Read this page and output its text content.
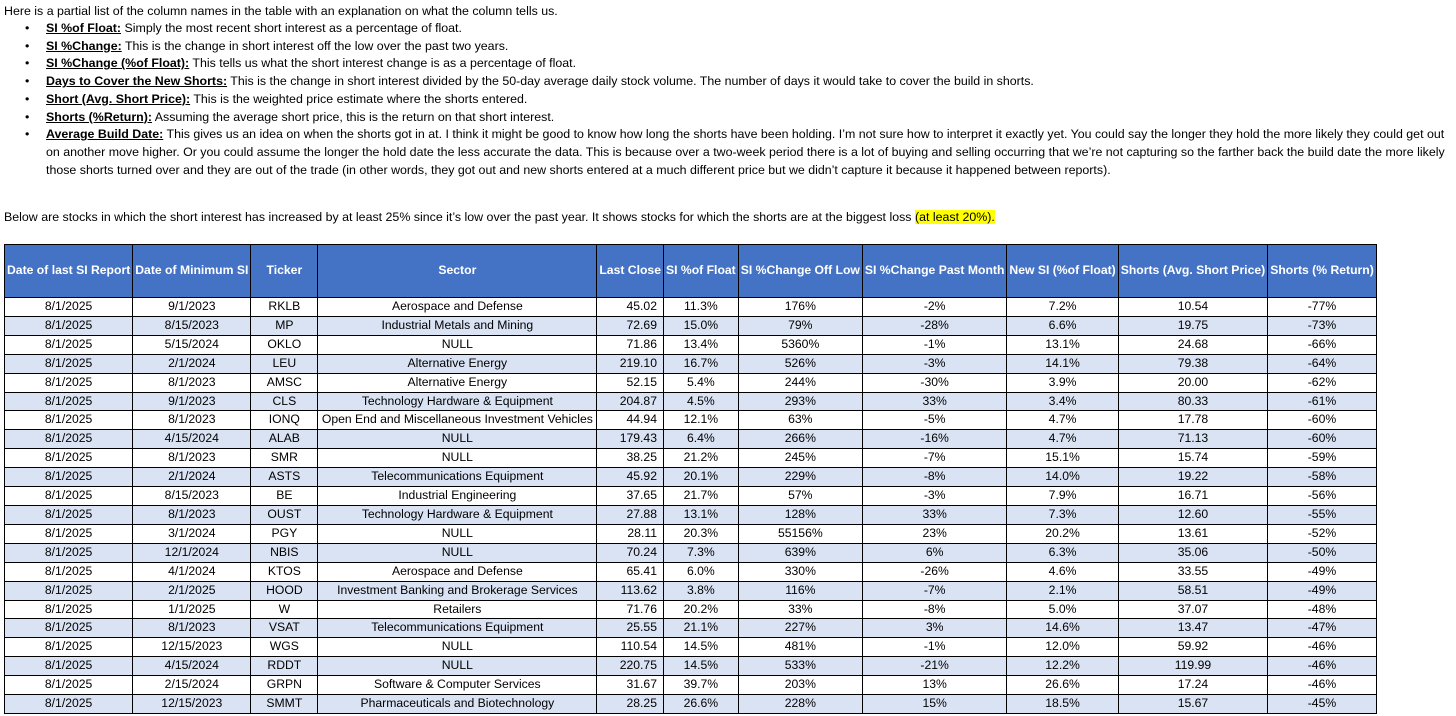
Here is a partial list of the column names in the table with an explanation on what the column tells us.
• SI %of Float: Simply the most recent short interest as a percentage of float.
• SI %Change: This is the change in short interest off the low over the past two years.
• SI %Change (%of Float): This tells us what the short interest change is as a percentage of float.
• Days to Cover the New Shorts: This is the change in short interest divided by the 50-day average daily stock volume. The number of days it would take to cover the build in shorts.
• Short (Avg. Short Price): This is the weighted price estimate where the shorts entered.
• Shorts (%Return): Assuming the average short price, this is the return on that short interest.
• Average Build Date: This gives us an idea on when the shorts got in at. I think it might be good to know how long the shorts have been holding. I’m not sure how to interpret it exactly yet. You could say the longer they hold the more likely they could get out on another move higher. Or you could assume the longer the hold date the less accurate the data. This is because over a two-week period there is a lot of buying and selling occurring that we’re not capturing so the farther back the build date the more likely those shorts turned over and they are out of the trade (in other words, they got out and new shorts entered at a much different price but we didn’t capture it because it happened between reports).
Below are stocks in which the short interest has increased by at least 25% since it’s low over the past year. It shows stocks for which the shorts are at the biggest loss (at least 20%).
Date of last SI Report	Date of Minimum SI	Ticker	Sector	Last Close	SI %of Float	SI %Change Off Low	SI %Change Past Month	New SI (%of Float)	Shorts (Avg. Short Price)	Shorts (% Return)
8/1/2025	9/1/2023	RKLB	Aerospace and Defense	45.02	11.3%	176%	-2%	7.2%	10.54	-77%
8/1/2025	8/15/2023	MP	Industrial Metals and Mining	72.69	15.0%	79%	-28%	6.6%	19.75	-73%
8/1/2025	5/15/2024	OKLO	NULL	71.86	13.4%	5360%	-1%	13.1%	24.68	-66%
8/1/2025	2/1/2024	LEU	Alternative Energy	219.10	16.7%	526%	-3%	14.1%	79.38	-64%
8/1/2025	8/1/2023	AMSC	Alternative Energy	52.15	5.4%	244%	-30%	3.9%	20.00	-62%
8/1/2025	9/1/2023	CLS	Technology Hardware & Equipment	204.87	4.5%	293%	33%	3.4%	80.33	-61%
8/1/2025	8/1/2023	IONQ	Open End and Miscellaneous Investment Vehicles	44.94	12.1%	63%	-5%	4.7%	17.78	-60%
8/1/2025	4/15/2024	ALAB	NULL	179.43	6.4%	266%	-16%	4.7%	71.13	-60%
8/1/2025	8/1/2023	SMR	NULL	38.25	21.2%	245%	-7%	15.1%	15.74	-59%
8/1/2025	2/1/2024	ASTS	Telecommunications Equipment	45.92	20.1%	229%	-8%	14.0%	19.22	-58%
8/1/2025	8/15/2023	BE	Industrial Engineering	37.65	21.7%	57%	-3%	7.9%	16.71	-56%
8/1/2025	8/1/2023	OUST	Technology Hardware & Equipment	27.88	13.1%	128%	33%	7.3%	12.60	-55%
8/1/2025	3/1/2024	PGY	NULL	28.11	20.3%	55156%	23%	20.2%	13.61	-52%
8/1/2025	12/1/2024	NBIS	NULL	70.24	7.3%	639%	6%	6.3%	35.06	-50%
8/1/2025	4/1/2024	KTOS	Aerospace and Defense	65.41	6.0%	330%	-26%	4.6%	33.55	-49%
8/1/2025	2/1/2025	HOOD	Investment Banking and Brokerage Services	113.62	3.8%	116%	-7%	2.1%	58.51	-49%
8/1/2025	1/1/2025	W	Retailers	71.76	20.2%	33%	-8%	5.0%	37.07	-48%
8/1/2025	8/1/2023	VSAT	Telecommunications Equipment	25.55	21.1%	227%	3%	14.6%	13.47	-47%
8/1/2025	12/15/2023	WGS	NULL	110.54	14.5%	481%	-1%	12.0%	59.92	-46%
8/1/2025	4/15/2024	RDDT	NULL	220.75	14.5%	533%	-21%	12.2%	119.99	-46%
8/1/2025	2/15/2024	GRPN	Software & Computer Services	31.67	39.7%	203%	13%	26.6%	17.24	-46%
8/1/2025	12/15/2023	SMMT	Pharmaceuticals and Biotechnology	28.25	26.6%	228%	15%	18.5%	15.67	-45%
